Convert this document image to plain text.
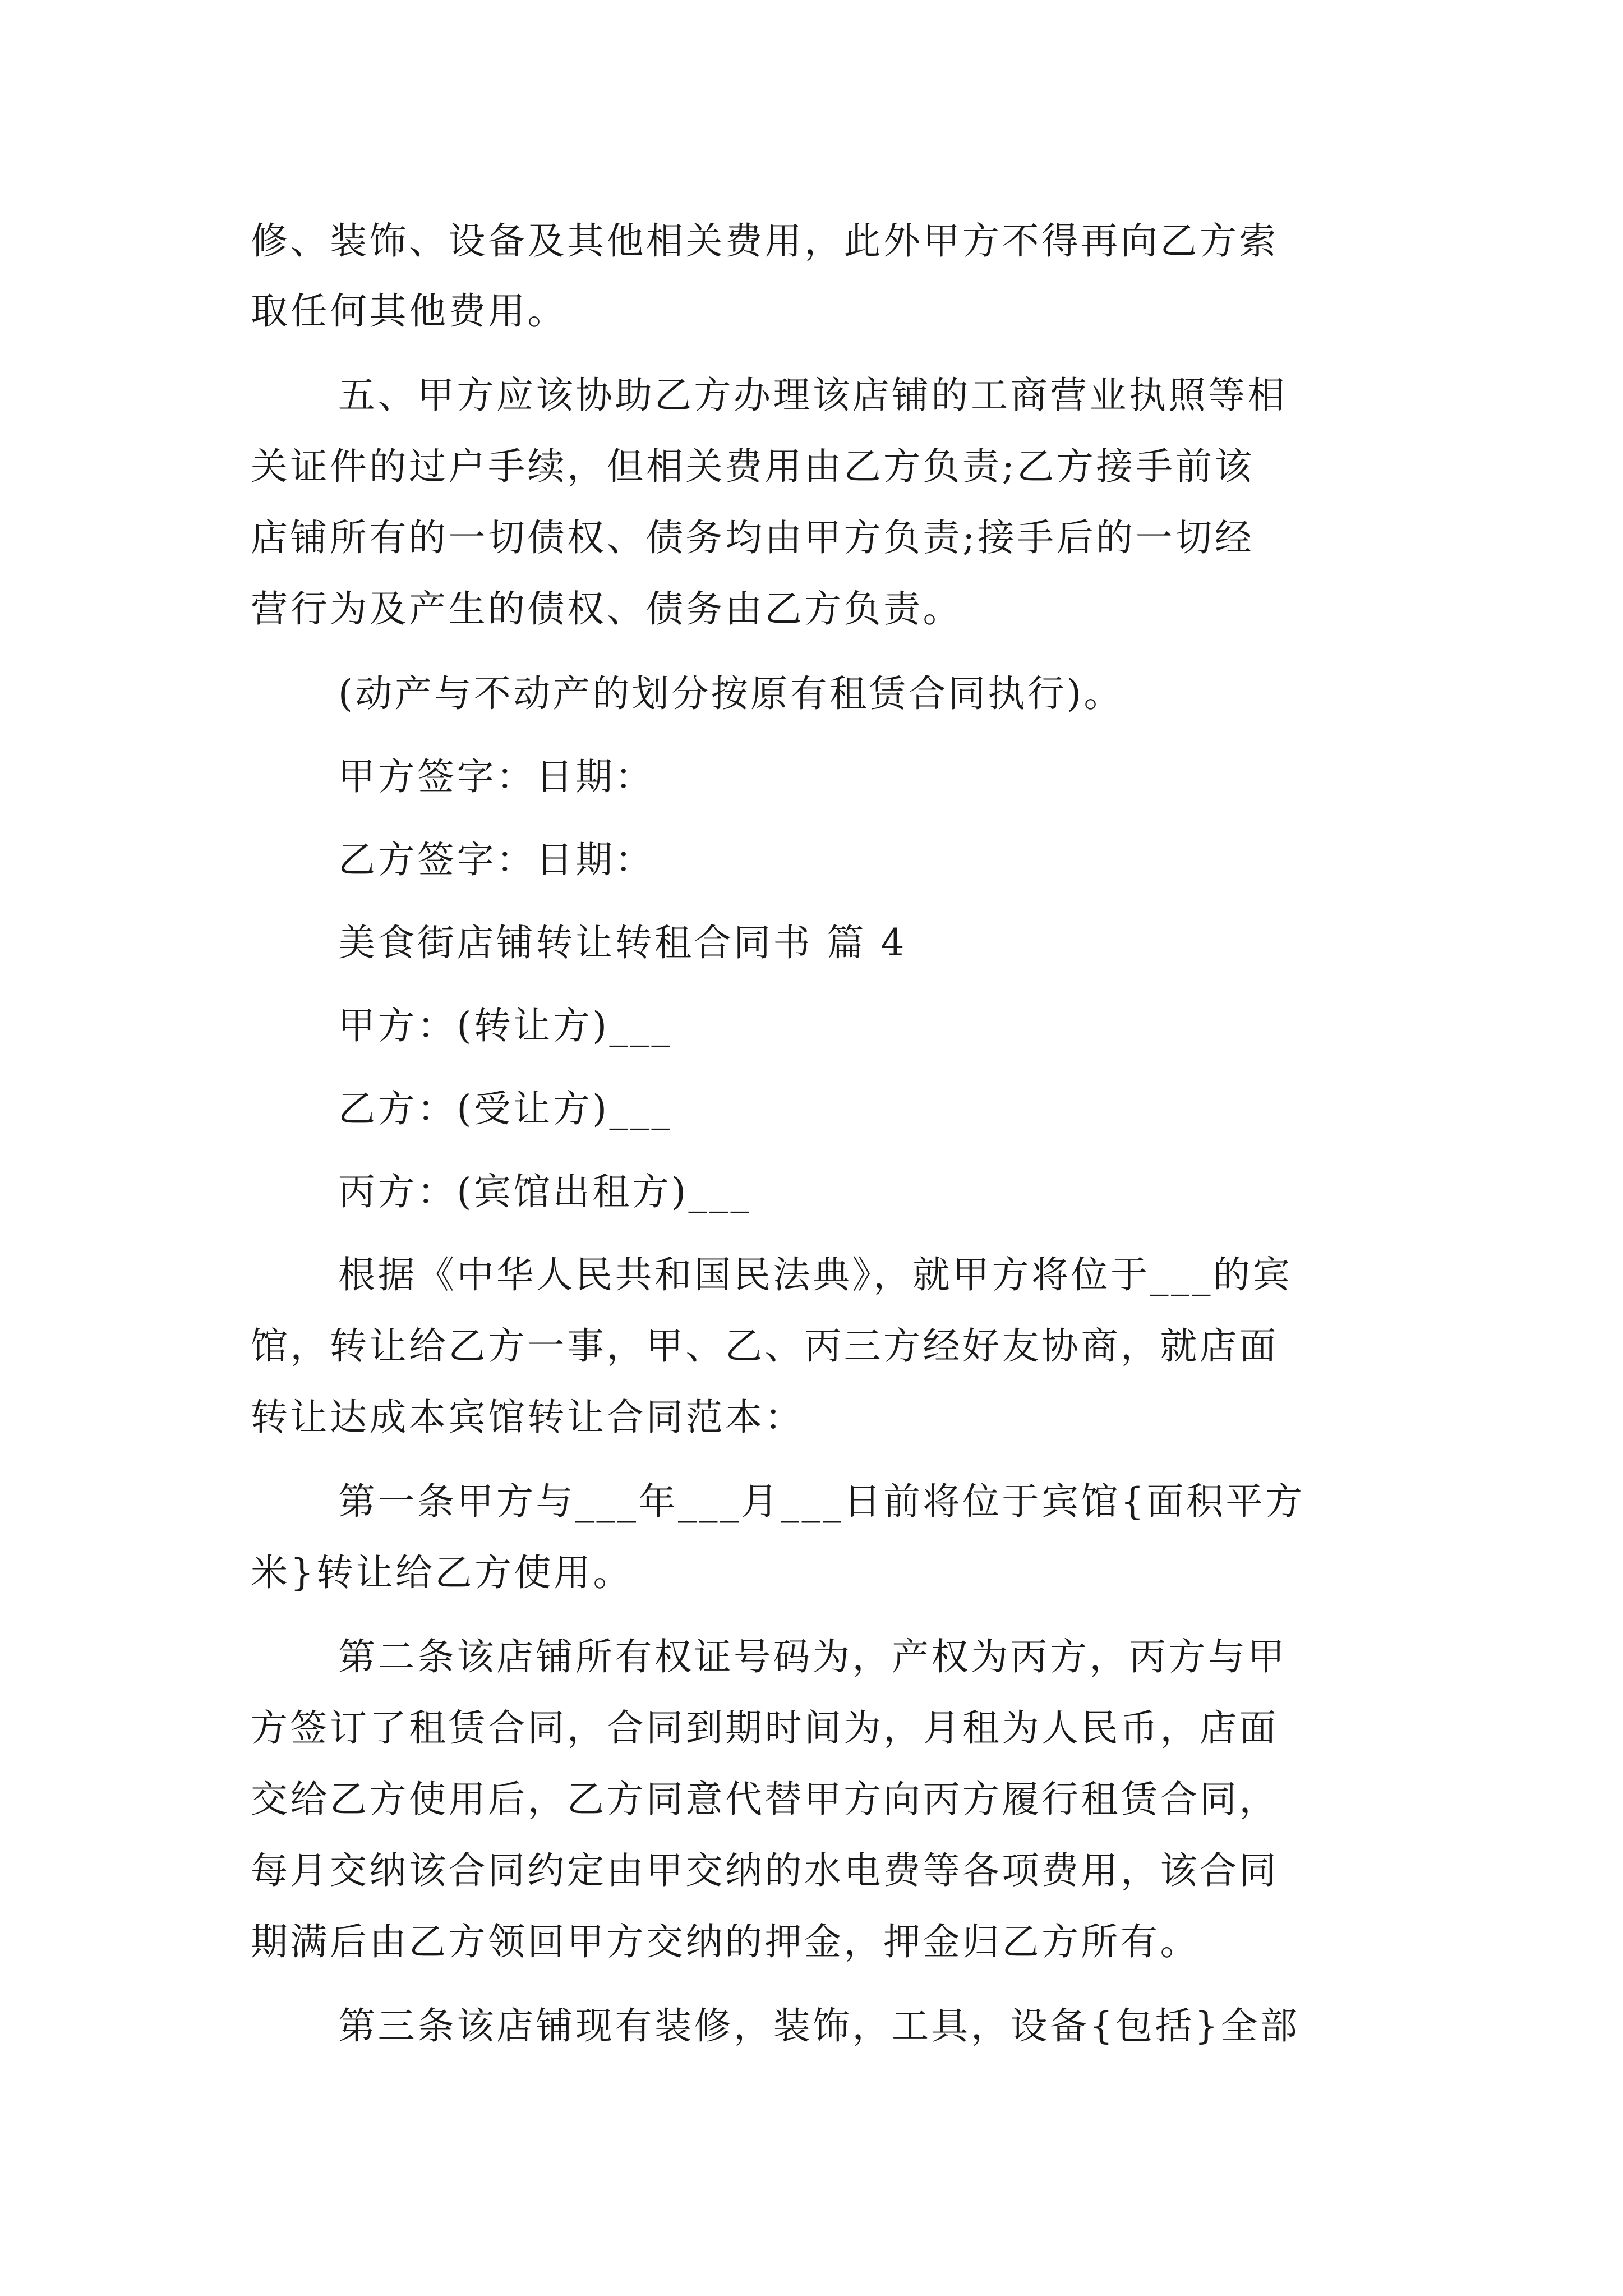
修、装饰、设备及其他相关费用，此外甲方不得再向乙方索

取任何其他费用。

五、甲方应该协助乙方办理该店铺的工商营业执照等相

关证件的过户手续，但相关费用由乙方负责;乙方接手前该

店铺所有的一切债权、债务均由甲方负责;接手后的一切经

营行为及产生的债权、债务由乙方负责。

(动产与不动产的划分按原有租赁合同执行)。

甲方签字：日期：

乙方签字：日期：

美食街店铺转让转租合同书 篇 4

甲方：(转让方)___

乙方：(受让方)___

丙方：(宾馆出租方)___

根据《中华人民共和国民法典》，就甲方将位于___的宾

馆，转让给乙方一事，甲、乙、丙三方经好友协商，就店面

转让达成本宾馆转让合同范本：

第一条甲方与___年___月___日前将位于宾馆{面积平方

米}转让给乙方使用。

第二条该店铺所有权证号码为，产权为丙方，丙方与甲

方签订了租赁合同，合同到期时间为，月租为人民币，店面

交给乙方使用后，乙方同意代替甲方向丙方履行租赁合同，

每月交纳该合同约定由甲交纳的水电费等各项费用，该合同

期满后由乙方领回甲方交纳的押金，押金归乙方所有。

第三条该店铺现有装修，装饰，工具，设备{包括}全部
